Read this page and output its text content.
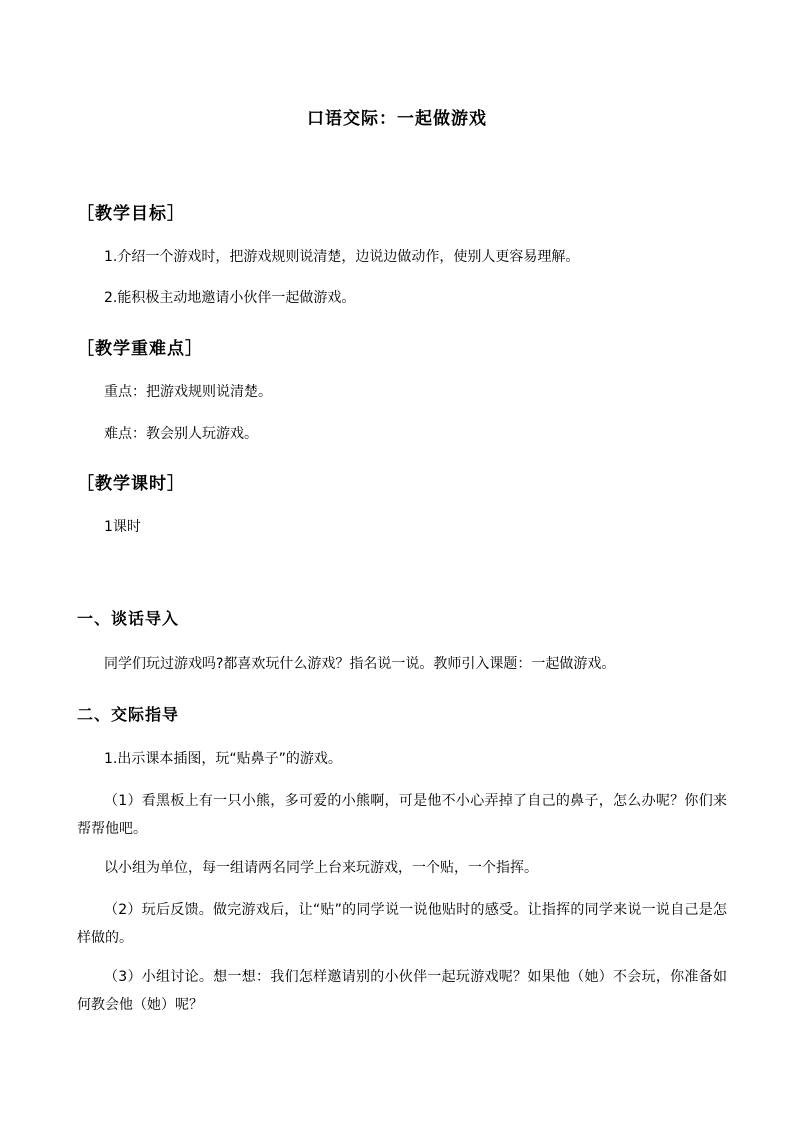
口语交际：一起做游戏
［教学目标］
1.介绍一个游戏时，把游戏规则说清楚，边说边做动作，使别人更容易理解。
2.能积极主动地邀请小伙伴一起做游戏。
［教学重难点］
重点：把游戏规则说清楚。
难点：教会别人玩游戏。
［教学课时］
1课时
一、谈话导入
同学们玩过游戏吗?都喜欢玩什么游戏？指名说一说。教师引入课题：一起做游戏。
二、交际指导
1.出示课本插图，玩“贴鼻子”的游戏。
（1）看黑板上有一只小熊，多可爱的小熊啊，可是他不小心弄掉了自己的鼻子，怎么办呢？你们来帮帮他吧。
以小组为单位，每一组请两名同学上台来玩游戏，一个贴，一个指挥。
（2）玩后反馈。做完游戏后，让“贴”的同学说一说他贴时的感受。让指挥的同学来说一说自己是怎样做的。
（3）小组讨论。想一想：我们怎样邀请别的小伙伴一起玩游戏呢？如果他（她）不会玩，你准备如何教会他（她）呢？
